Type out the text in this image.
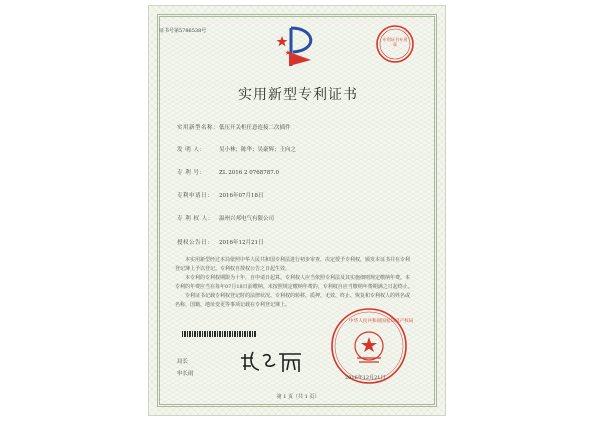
证书号第5786538号
专利证书专用章
实用新型专利证书
实用新型名称：低压开关柜任意连接二次插件
发 明 人： 吴小林；陈华；吴豪辉；王向之
专 利 号： ZL 2016 2 0768787.0
专利申请日： 2016年07月18日
专 利 权 人： 温州兴邦电气有限公司
授权公告日： 2016年12月21日

本实用新型经过本局依照中华人民共和国专利法进行初步审查，决定授予专利权，颁发本证书并在专利登记簿上予以登记。专利权自授权公告之日起生效。

本专利的专利权期限为十年，自申请日起算。专利权人应当依照专利法及其实施细则规定缴纳年费。本专利的年费应当在每年07月18日前缴纳。未按照规定缴纳年费的，专利权自应当缴纳年费期满之日起终止。

专利证书记载专利权登记时的法律状况。专利权的转移、质押、无效、终止、恢复和专利权人的姓名或名称、国籍、地址变更等事项记载在专利登记簿上。

局长
申长雨
中华人民共和国国家知识产权局
2016年12月21日
第 1 页（共 1 页）
